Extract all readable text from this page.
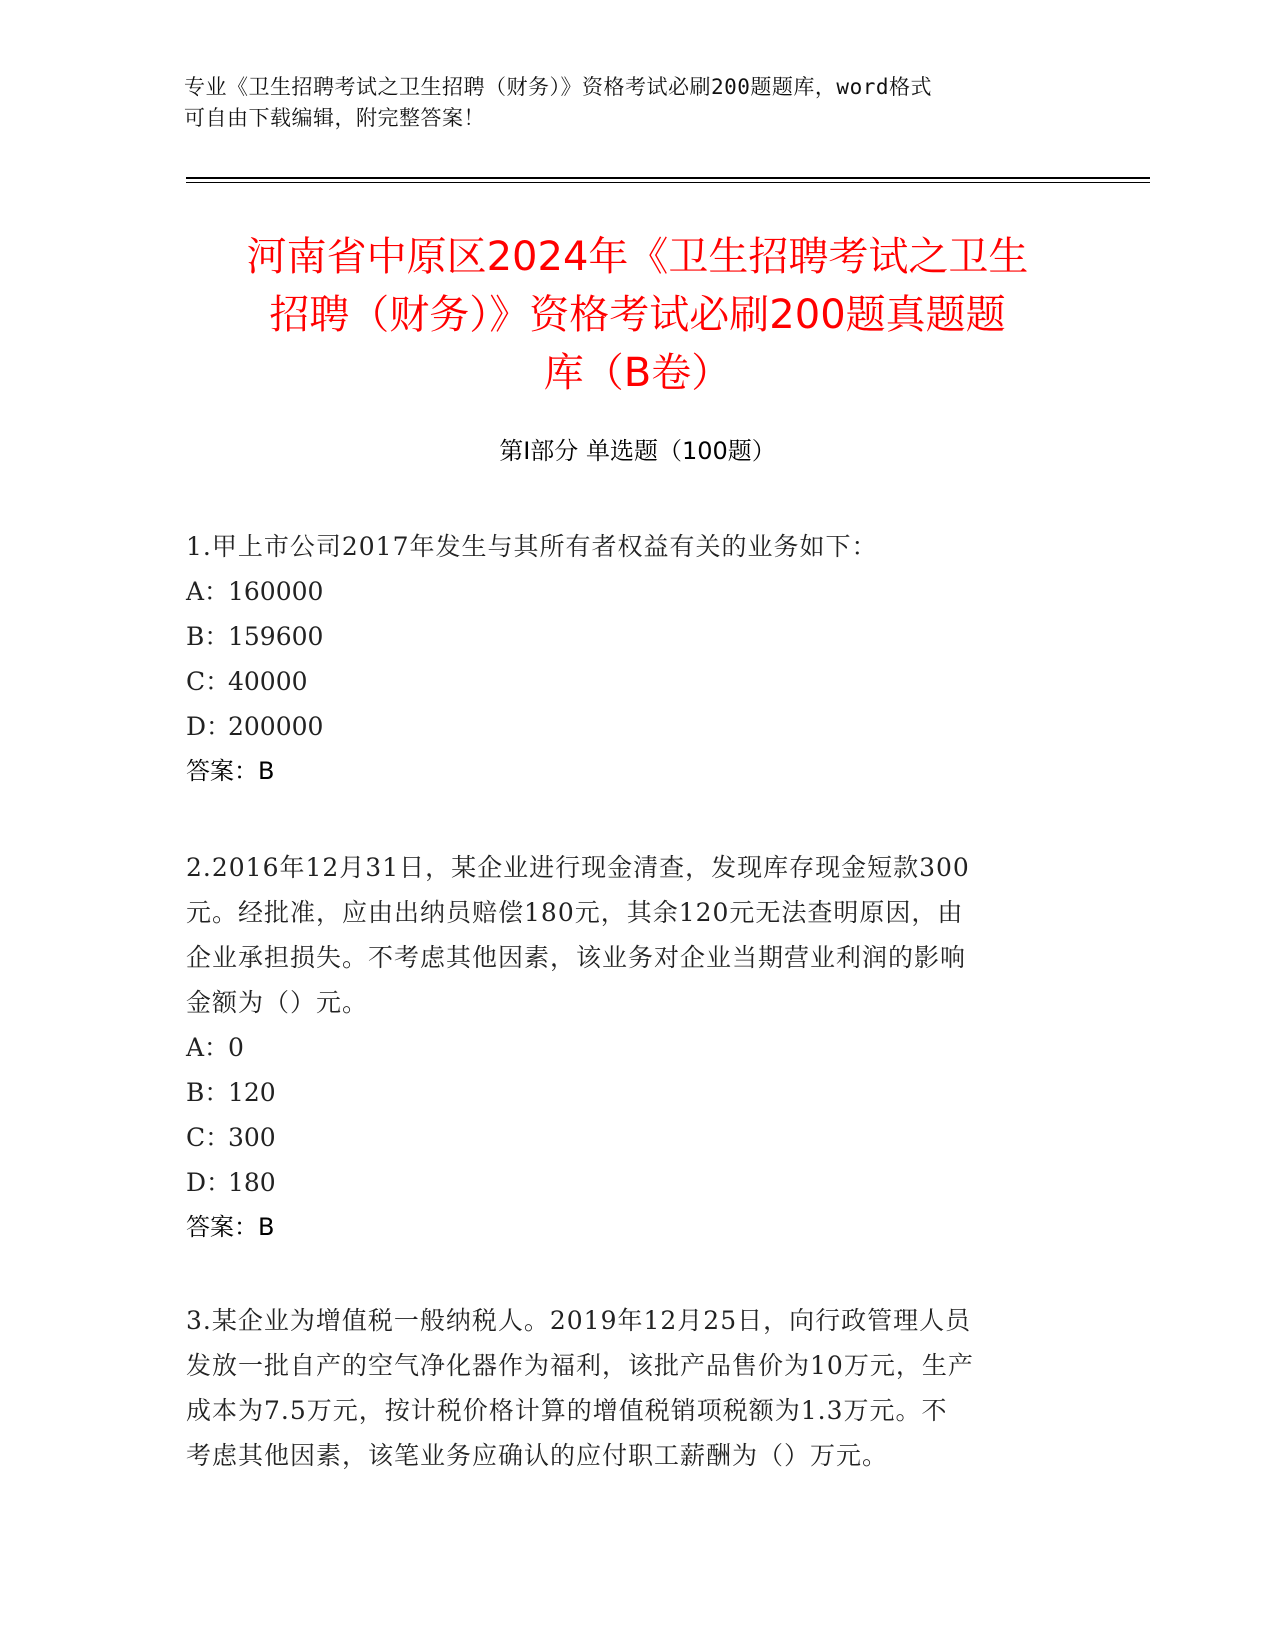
专业《卫生招聘考试之卫生招聘（财务）》资格考试必刷200题题库，word格式
可自由下载编辑，附完整答案！
河南省中原区2024年《卫生招聘考试之卫生
招聘（财务）》资格考试必刷200题真题题
库（B卷）
第Ⅰ部分 单选题（100题）
1.甲上市公司2017年发生与其所有者权益有关的业务如下：
A：160000
B：159600
C：40000
D：200000
答案：B
2.2016年12月31日，某企业进行现金清查，发现库存现金短款300
元。经批准，应由出纳员赔偿180元，其余120元无法查明原因，由
企业承担损失。不考虑其他因素，该业务对企业当期营业利润的影响
金额为（）元。
A：0
B：120
C：300
D：180
答案：B
3.某企业为增值税一般纳税人。2019年12月25日，向行政管理人员
发放一批自产的空气净化器作为福利，该批产品售价为10万元，生产
成本为7.5万元，按计税价格计算的增值税销项税额为1.3万元。不
考虑其他因素，该笔业务应确认的应付职工薪酬为（）万元。
